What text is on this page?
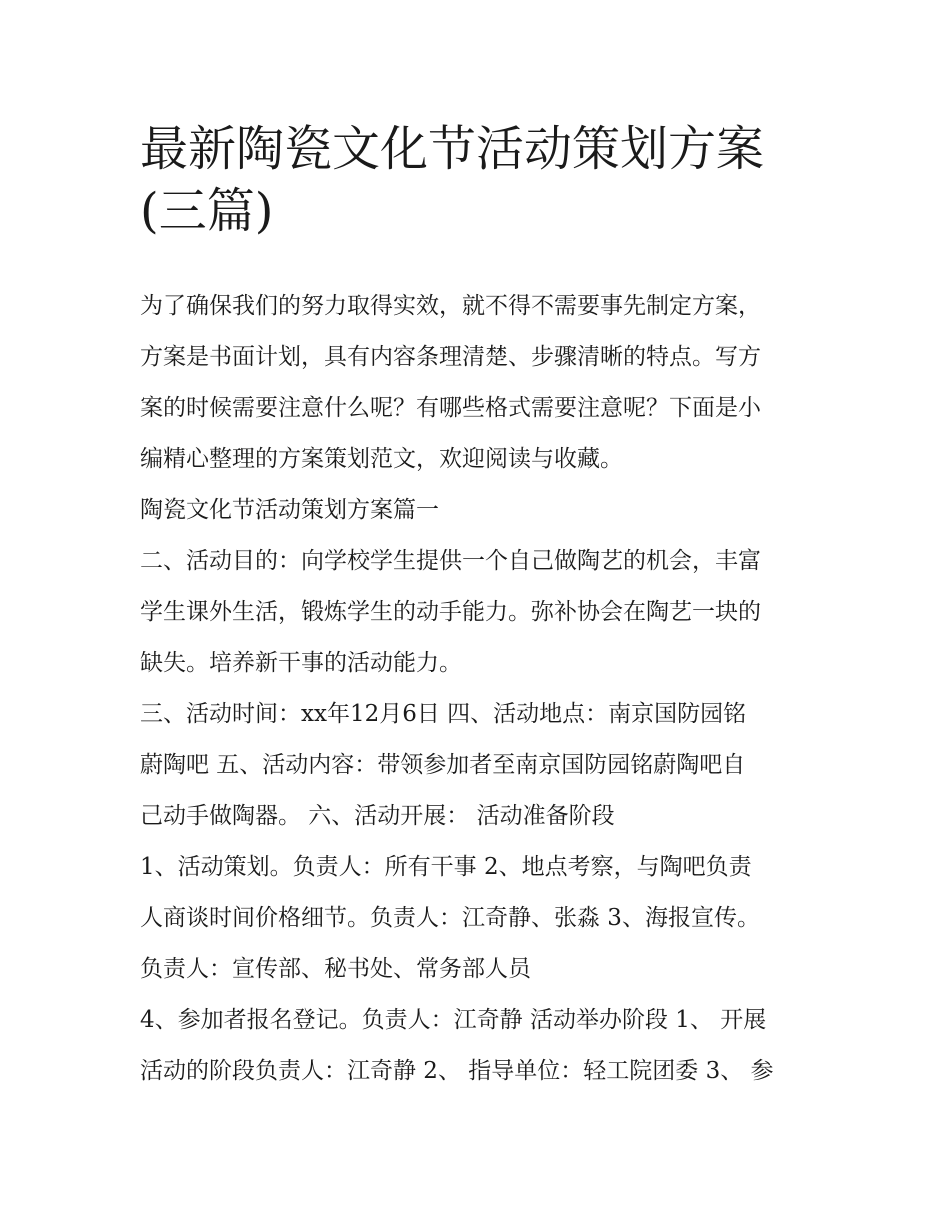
最新陶瓷文化节活动策划方案
(三篇)

为了确保我们的努力取得实效，就不得不需要事先制定方案，
方案是书面计划，具有内容条理清楚、步骤清晰的特点。写方
案的时候需要注意什么呢？有哪些格式需要注意呢？下面是小
编精心整理的方案策划范文，欢迎阅读与收藏。

陶瓷文化节活动策划方案篇一

二、活动目的：向学校学生提供一个自己做陶艺的机会，丰富
学生课外生活，锻炼学生的动手能力。弥补协会在陶艺一块的
缺失。培养新干事的活动能力。

三、活动时间：xx年12月6日 四、活动地点：南京国防园铭
蔚陶吧 五、活动内容：带领参加者至南京国防园铭蔚陶吧自
己动手做陶器。 六、活动开展： 活动准备阶段

1、活动策划。负责人：所有干事 2、地点考察，与陶吧负责
人商谈时间价格细节。负责人：江奇静、张淼 3、海报宣传。
负责人：宣传部、秘书处、常务部人员

4、参加者报名登记。负责人：江奇静 活动举办阶段 1、 开展
活动的阶段负责人：江奇静 2、 指导单位：轻工院团委 3、 参
